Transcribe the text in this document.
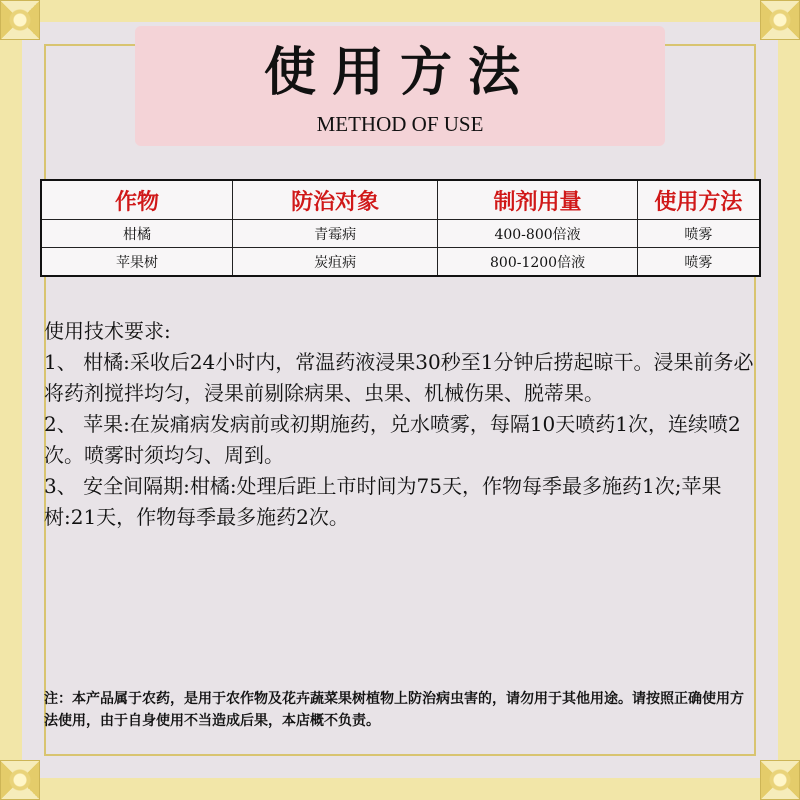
使用方法
METHOD OF USE
作物	防治对象	制剂用量	使用方法
柑橘	青霉病	400-800倍液	喷雾
苹果树	炭疽病	800-1200倍液	喷雾

使用技术要求:

1、 柑橘:采收后24小时内，常温药液浸果30秒至1分钟后捞起晾干。浸果前务必将药剂搅拌均匀，浸果前剔除病果、虫果、机械伤果、脱蒂果。

2、 苹果:在炭痛病发病前或初期施药，兑水喷雾，每隔10天喷药1次，连续喷2次。喷雾时须均匀、周到。

3、 安全间隔期:柑橘:处理后距上市时间为75天，作物每季最多施药1次;苹果树:21天，作物每季最多施药2次。

注：本产品属于农药，是用于农作物及花卉蔬菜果树植物上防治病虫害的，请勿用于其他用途。请按照正确使用方法使用，由于自身使用不当造成后果，本店概不负责。
